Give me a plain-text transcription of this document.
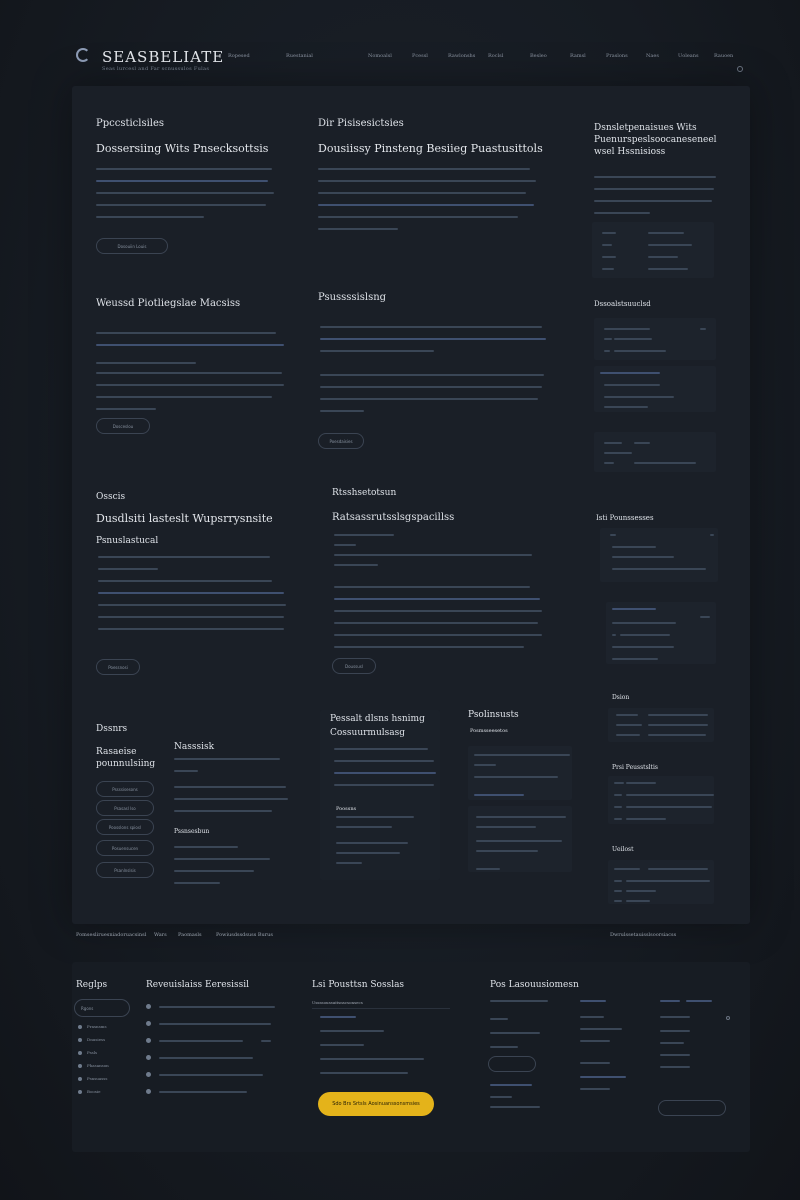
SEASBELIATE
Seas lurcesl and Far scnussulos Fulas
Ropesed	Ruestanial	Nomoalsl	Pcessl	Rawlonshs	Roclsl	Besleo	Ramsl	Praslons	Naes	Uoleans	Rauoen
Ppccsticlsiles
Dossersiing Wits Pnsecksottsis
Dosouiin Louis
Dir Pisisesictsies
Dousiissy Pinsteng Besiieg Puastusittols
Dsnsletpenaisues Wits Puenurspeslsoocaneseneel wsel Hssnisioss
Weussd Piotliegslae Macsiss
Dosceslou
Psussssislsng
Poesdaisies
Dssoalstsuuclsd
Osscis
Dusdlsiti lasteslt Wupsrrysnsite
Psnuslastucal
Poessnosi
Rtsshsetotsun
Ratsassrutsslsgspacillss
Doussusl
Isti Pounssesses
Dssnrs
Rasaeise pounnulsiing
Nasssisk
Pssssisesons
Psasasl lso
Poosslons spiosl
Posuensucen
Psanlnslsis
Pssnsesbun
Pessalt dlsns hsnimg Cossuurmulsasg
Poossns
Psolinsusts
Posmsseesetos
Dsion
Prsi Peusstsltis
Ueilost
Pomsesliruesniadoruacsinsl Wars Paomasls	Powiusdssdsuss Burus	Dwrulssetauisslsoorsiacss
Reglps
Rgons
Prasnsms
Dnusiess
Pssls
Phasanson
Psnsuasss
Boosie
Reveuislaiss Eeresissil	Lsi Pousttsn Sosslas
Ussssoussuitsnscsonsecs
Sdo Brs Srtsls Aosinuanssonsmsies
Pos Lasouusiomesn
